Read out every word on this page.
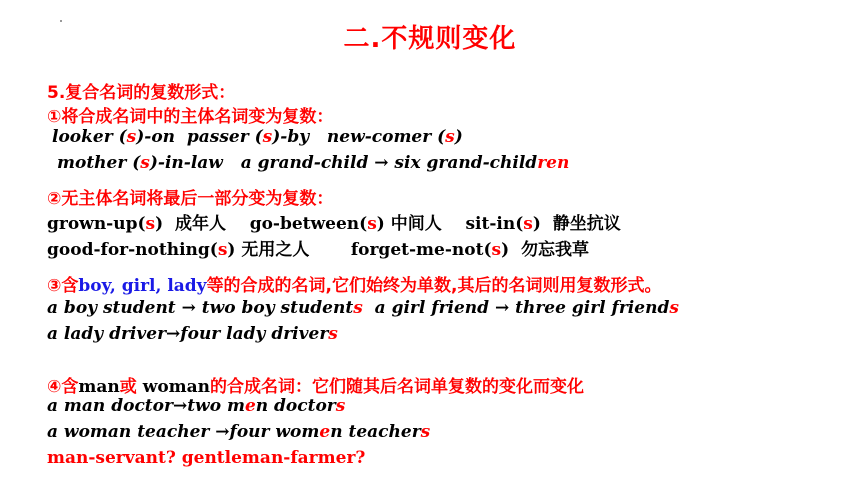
二.不规则变化
5.复合名词的复数形式：
①将合成名词中的主体名词变为复数：
looker (s)-on passer (s)-by new-comer (s)
mother (s)-in-law a grand-child → six grand-children
②无主体名词将最后一部分变为复数：
grown-up(s) 成年人 go-between(s) 中间人 sit-in(s) 静坐抗议
good-for-nothing(s) 无用之人 forget-me-not(s) 勿忘我草
③含boy, girl, lady等的合成的名词,它们始终为单数,其后的名词则用复数形式。
a boy student → two boy students a girl friend → three girl friends
a lady driver→four lady drivers
④含man或 woman的合成名词：它们随其后名词单复数的变化而变化
a man doctor→two men doctors
a woman teacher →four women teachers
man-servant? gentleman-farmer?
